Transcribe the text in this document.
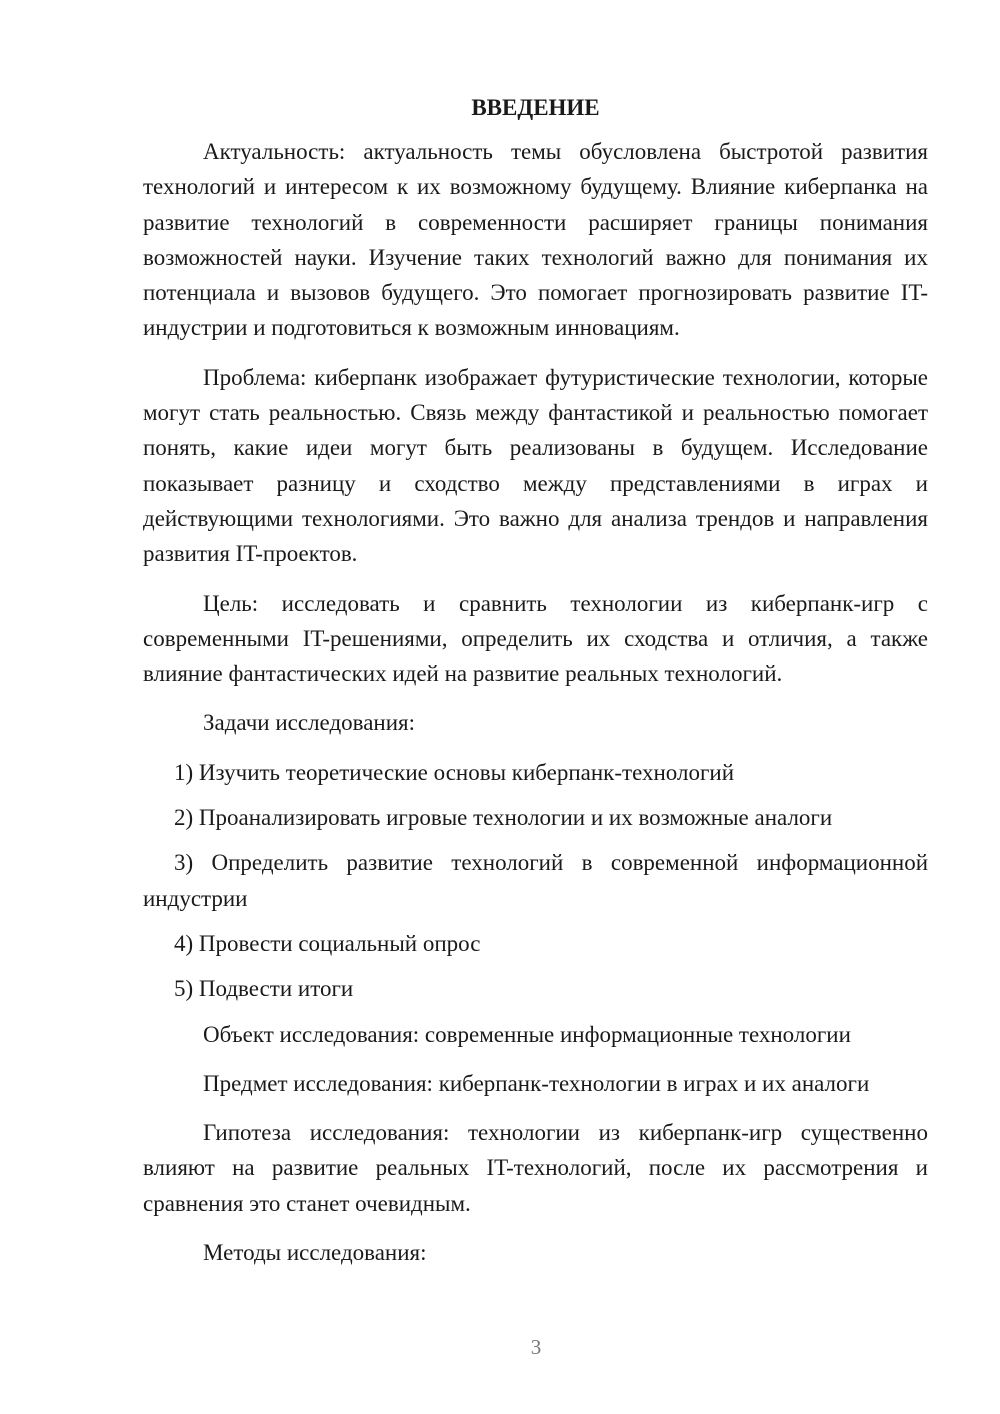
ВВЕДЕНИЕ

Актуальность: актуальность темы обусловлена быстротой развития технологий и интересом к их возможному будущему. Влияние киберпанка на развитие технологий в современности расширяет границы понимания возможностей науки. Изучение таких технологий важно для понимания их потенциала и вызовов будущего. Это помогает прогнозировать развитие IT-индустрии и подготовиться к возможным инновациям.

Проблема: киберпанк изображает футуристические технологии, которые могут стать реальностью. Связь между фантастикой и реальностью помогает понять, какие идеи могут быть реализованы в будущем. Исследование показывает разницу и сходство между представлениями в играх и действующими технологиями. Это важно для анализа трендов и направления развития IT-проектов.

Цель: исследовать и сравнить технологии из киберпанк-игр с современными IT-решениями, определить их сходства и отличия, а также влияние фантастических идей на развитие реальных технологий.

Задачи исследования:

1) Изучить теоретические основы киберпанк-технологий

2) Проанализировать игровые технологии и их возможные аналоги

3) Определить развитие технологий в современной информационной индустрии

4) Провести социальный опрос

5) Подвести итоги

Объект исследования: современные информационные технологии

Предмет исследования: киберпанк-технологии в играх и их аналоги

Гипотеза исследования: технологии из киберпанк-игр существенно влияют на развитие реальных IT-технологий, после их рассмотрения и сравнения это станет очевидным.

Методы исследования:

3
